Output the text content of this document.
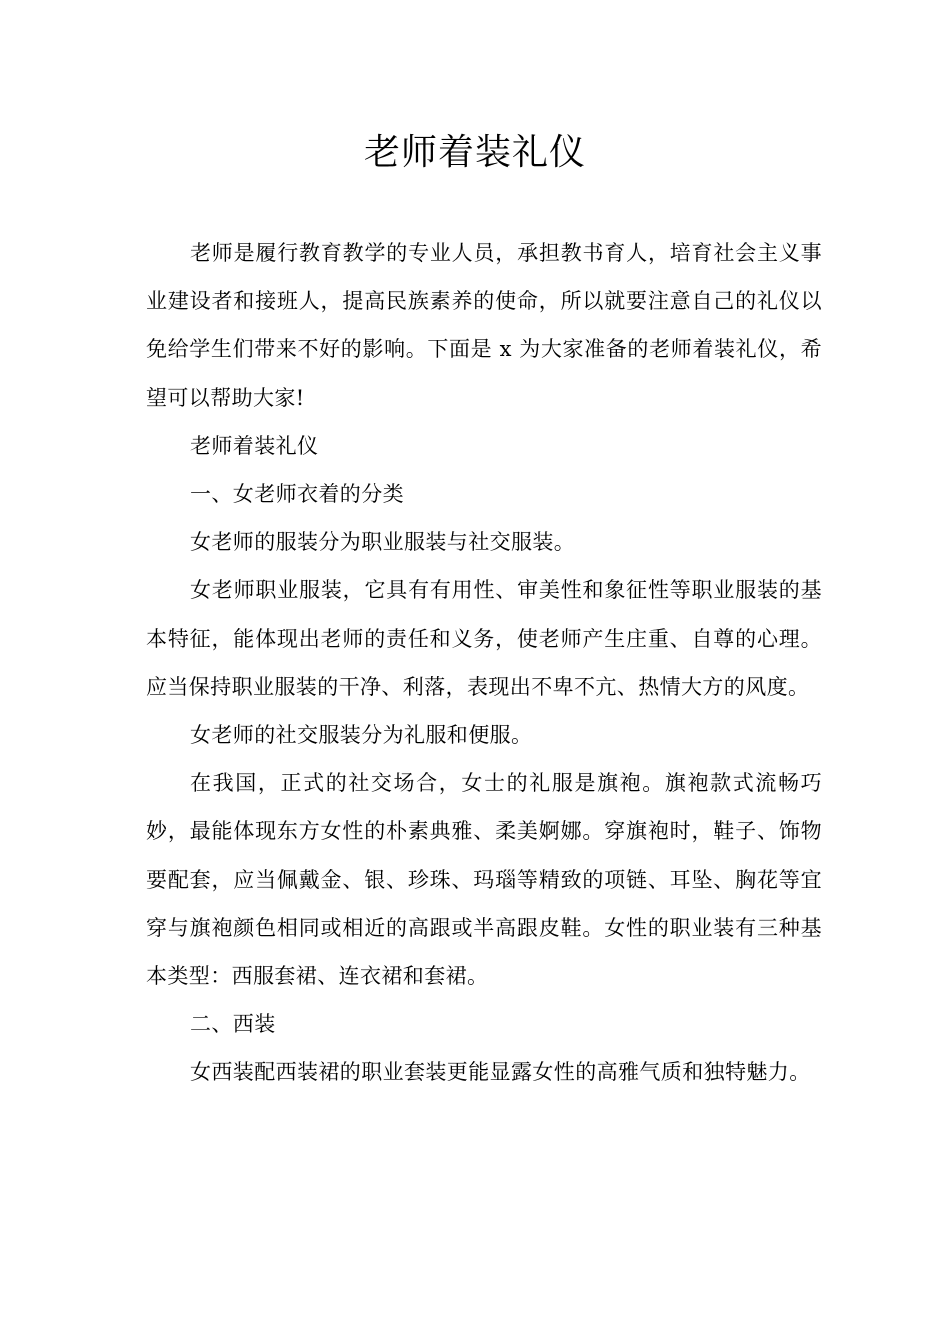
老师着装礼仪

老师是履行教育教学的专业人员，承担教书育人，培育社会主义事业建设者和接班人，提高民族素养的使命，所以就要注意自己的礼仪以免给学生们带来不好的影响。下面是 x 为大家准备的老师着装礼仪，希望可以帮助大家!

老师着装礼仪

一、女老师衣着的分类

女老师的服装分为职业服装与社交服装。

女老师职业服装，它具有有用性、审美性和象征性等职业服装的基本特征，能体现出老师的责任和义务，使老师产生庄重、自尊的心理。应当保持职业服装的干净、利落，表现出不卑不亢、热情大方的风度。

女老师的社交服装分为礼服和便服。

在我国，正式的社交场合，女士的礼服是旗袍。旗袍款式流畅巧妙，最能体现东方女性的朴素典雅、柔美婀娜。穿旗袍时，鞋子、饰物要配套，应当佩戴金、银、珍珠、玛瑙等精致的项链、耳坠、胸花等宜穿与旗袍颜色相同或相近的高跟或半高跟皮鞋。女性的职业装有三种基本类型：西服套裙、连衣裙和套裙。

二、西装

女西装配西装裙的职业套装更能显露女性的高雅气质和独特魅力。
